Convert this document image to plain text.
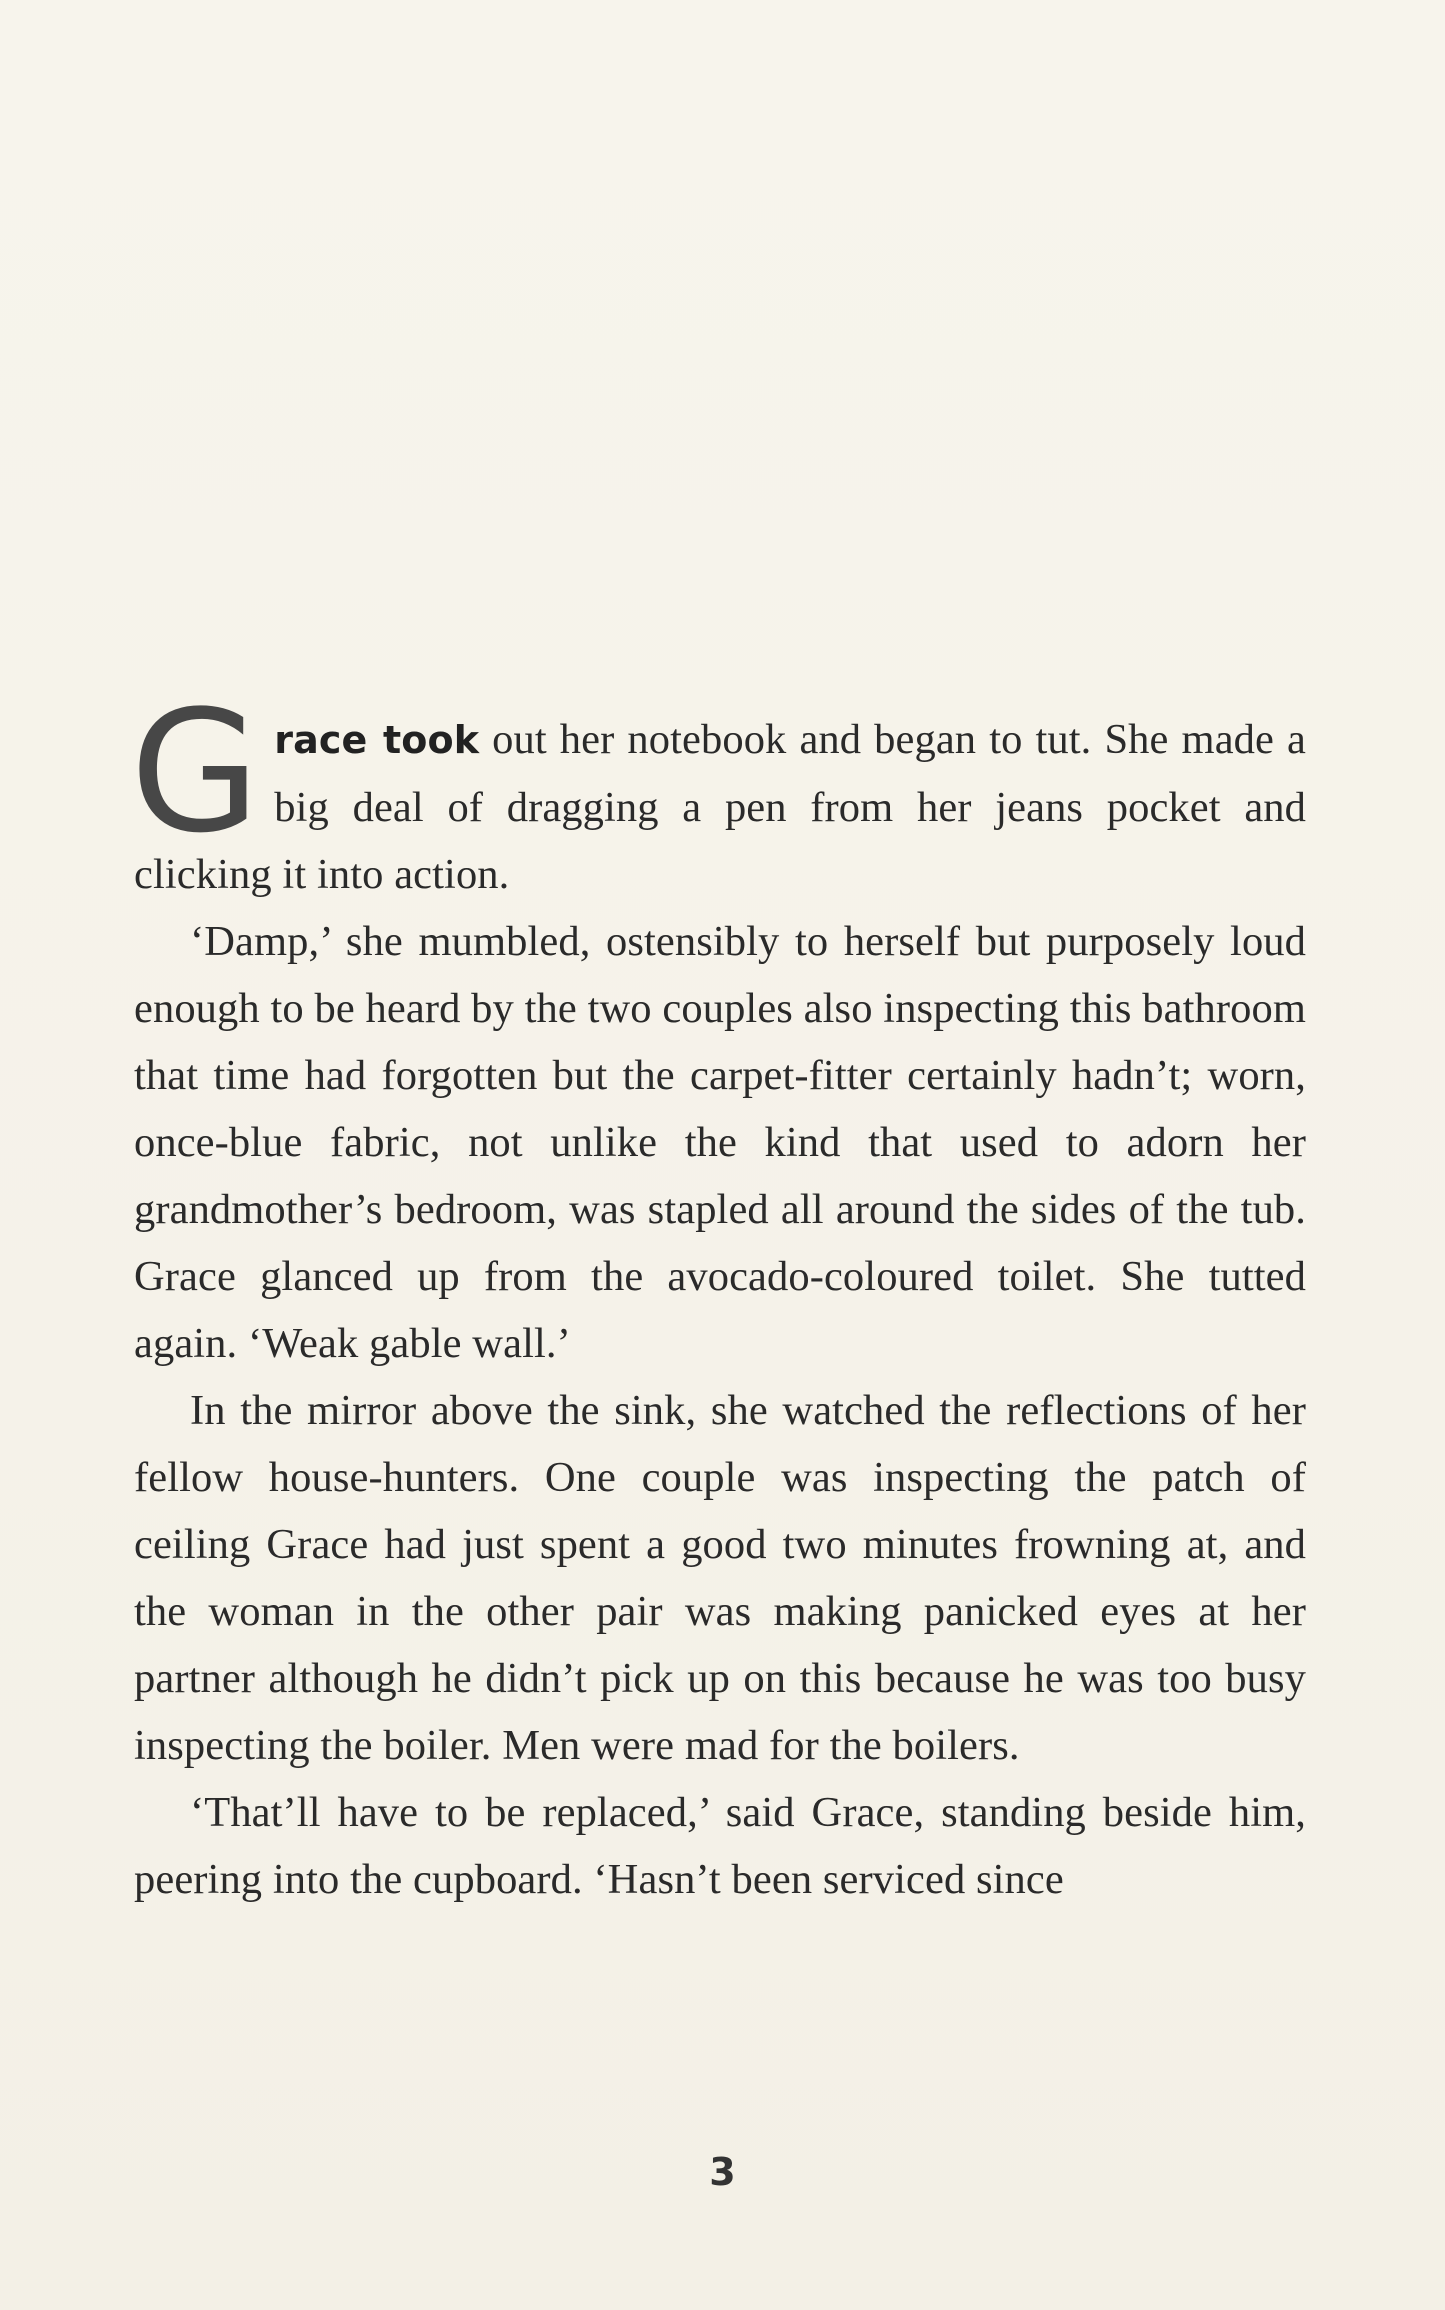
Grace took out her notebook and began to tut. She made a big deal of dragging a pen from her jeans pocket and clicking it into action.

‘Damp,’ she mumbled, ostensibly to herself but purposely loud enough to be heard by the two couples also inspecting this bathroom that time had forgotten but the carpet-fitter certainly hadn’t; worn, once-blue fabric, not unlike the kind that used to adorn her grandmother’s bedroom, was stapled all around the sides of the tub. Grace glanced up from the avocado-coloured toilet. She tutted again. ‘Weak gable wall.’

In the mirror above the sink, she watched the reflections of her fellow house-hunters. One couple was inspecting the patch of ceiling Grace had just spent a good two minutes frowning at, and the woman in the other pair was making panicked eyes at her partner although he didn’t pick up on this because he was too busy inspecting the boiler. Men were mad for the boilers.

‘That’ll have to be replaced,’ said Grace, standing beside him, peering into the cupboard. ‘Hasn’t been serviced since

3
